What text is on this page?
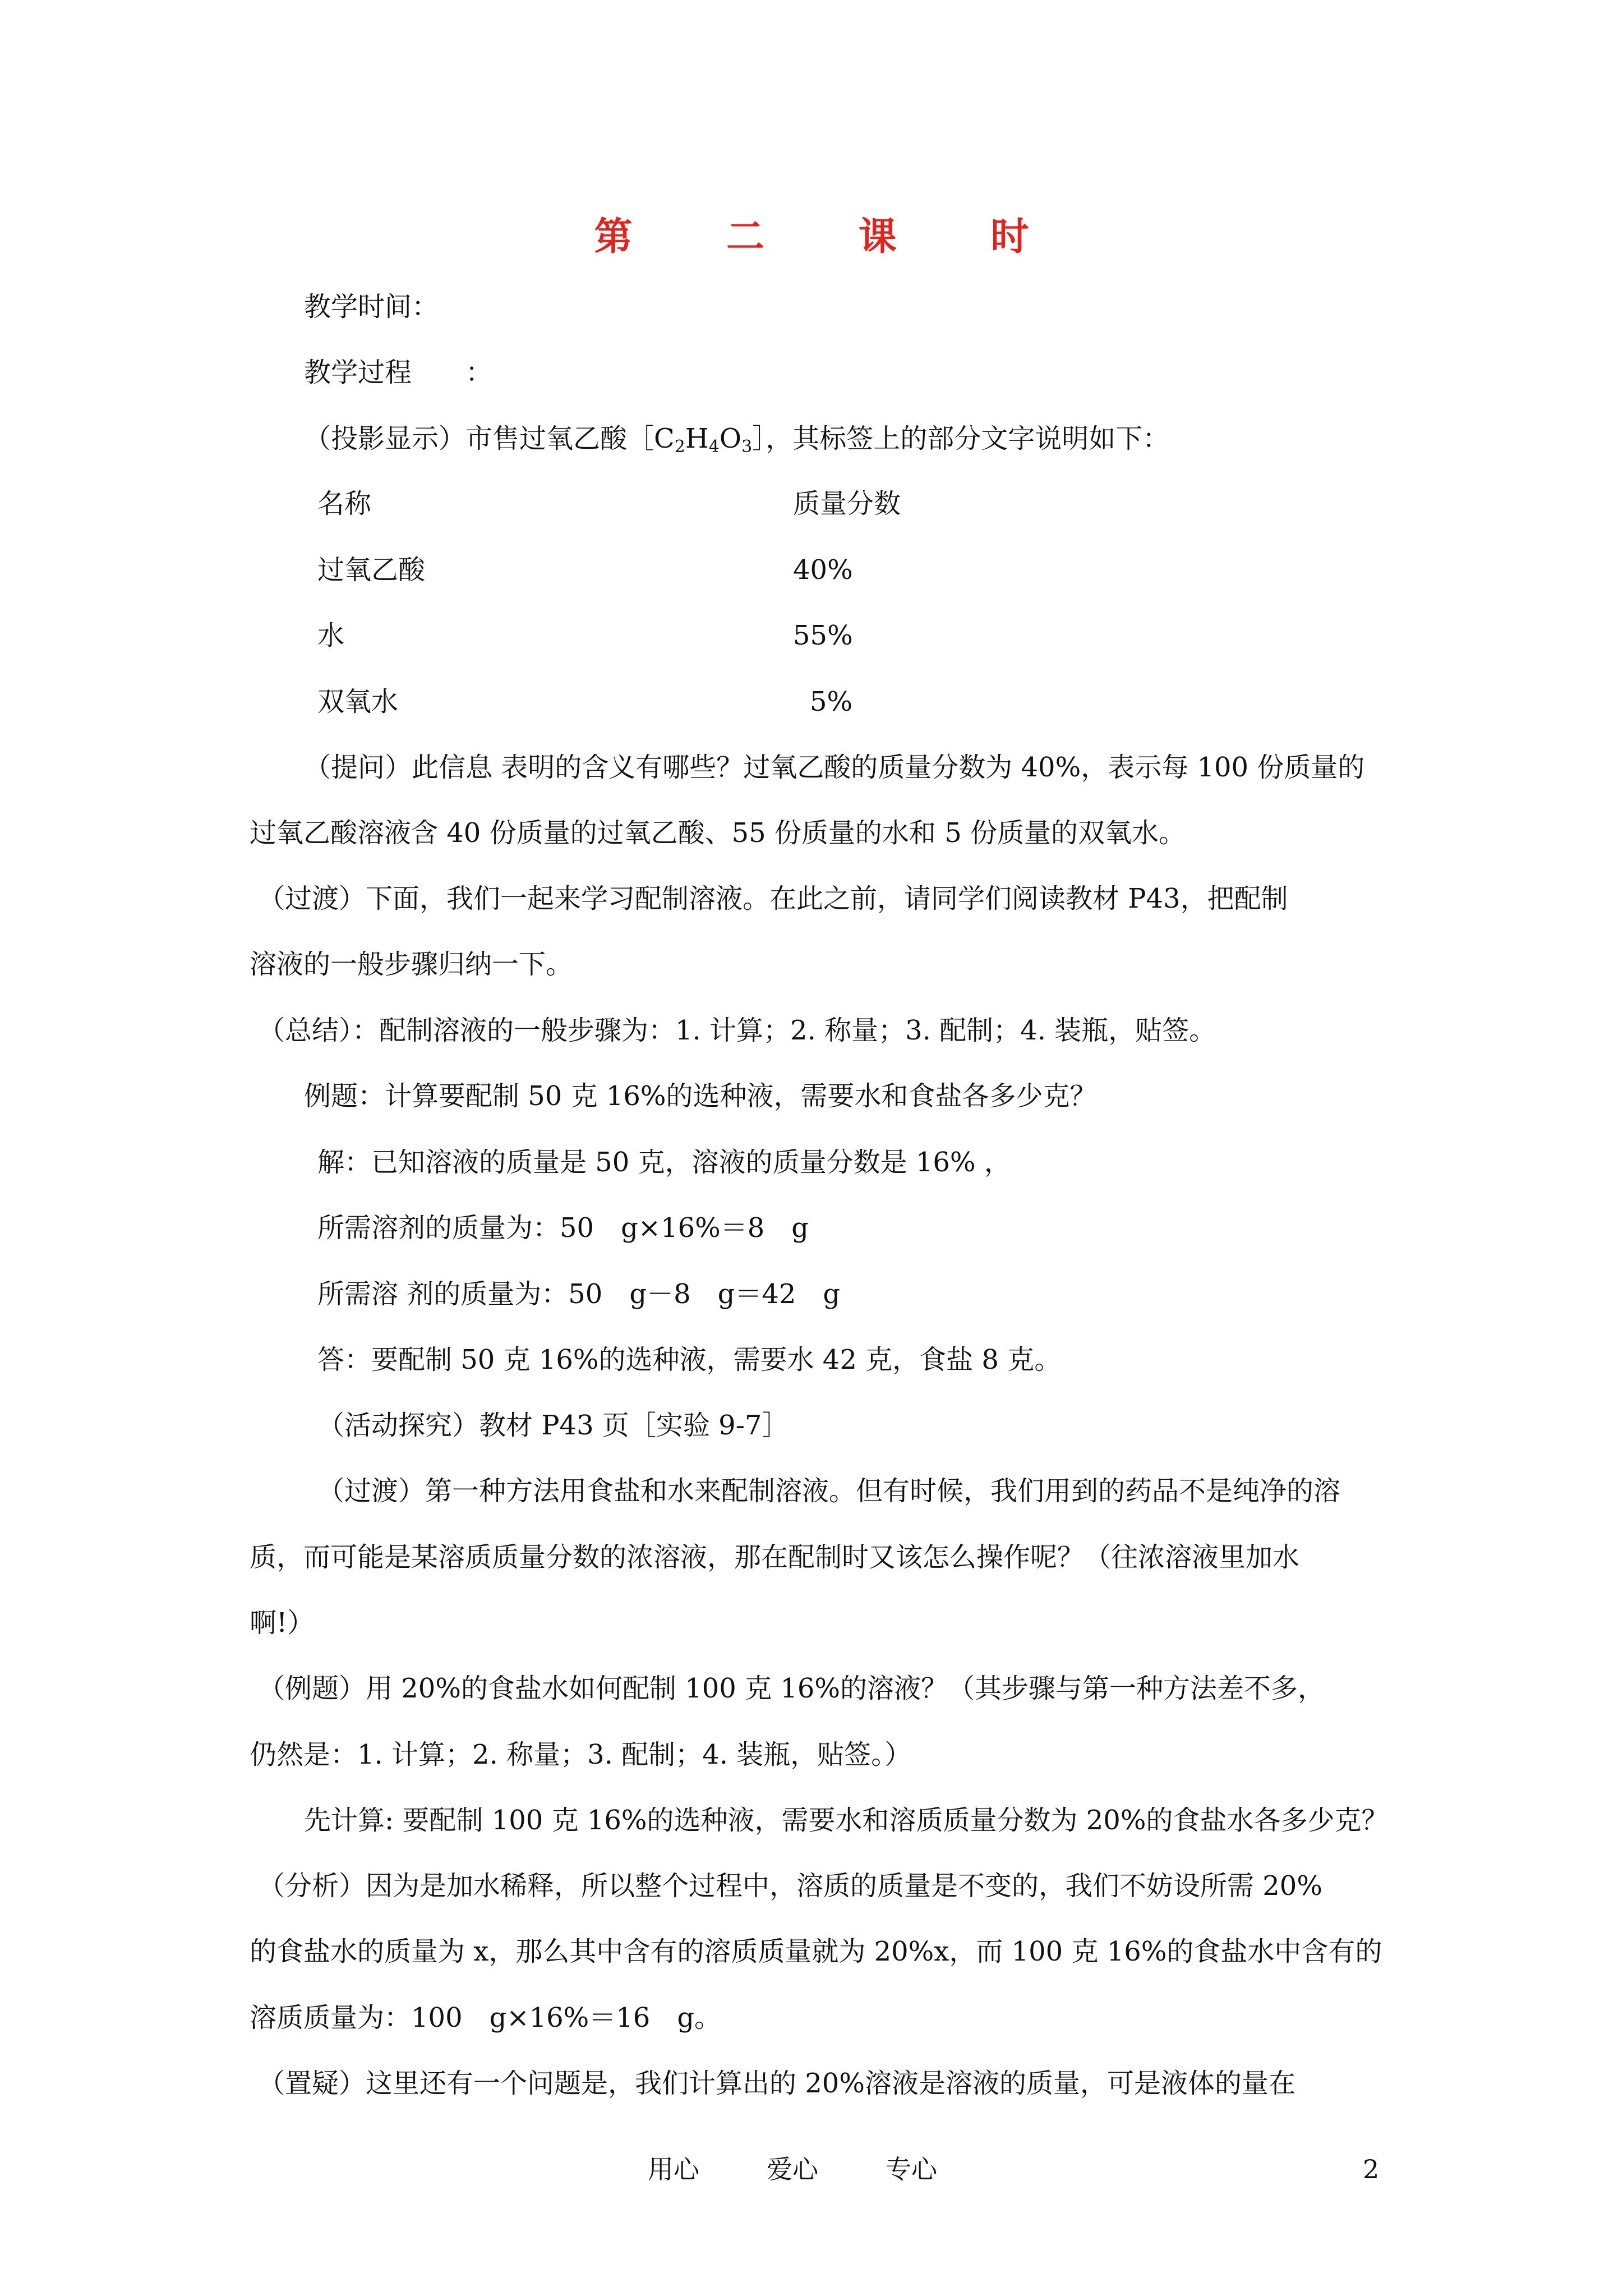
第 二 课 时
教学时间：
教学过程　　：
（投影显示）市售过氧乙酸$[C_2H_4O_3]$，其标签上的部分文字说明如下：
名称	质量分数
过氧乙酸	40%
水	55%
双氧水	5%
（提问）此信息 表明的含义有哪些？过氧乙酸的质量分数为 40%，表示每 100 份质量的
过氧乙酸溶液含 40 份质量的过氧乙酸、55 份质量的水和 5 份质量的双氧水。
（过渡）下面，我们一起来学习配制溶液。在此之前，请同学们阅读教材 P43，把配制
溶液的一般步骤归纳一下。
（总结）：配制溶液的一般步骤为：1. 计算；2. 称量；3. 配制；4. 装瓶，贴签。
例题：计算要配制 50 克 16%的选种液，需要水和食盐各多少克？
解：已知溶液的质量是 50 克，溶液的质量分数是 16% ，
所需溶剂的质量为：50　g×16%＝8　g
所需溶 剂的质量为：50　g－8　g＝42　g
答：要配制 50 克 16%的选种液，需要水 42 克，食盐 8 克。
（活动探究）教材 P43 页［实验 9-7］
（过渡）第一种方法用食盐和水来配制溶液。但有时候，我们用到的药品不是纯净的溶
质，而可能是某溶质质量分数的浓溶液，那在配制时又该怎么操作呢？（往浓溶液里加水
啊!）
（例题）用 20%的食盐水如何配制 100 克 16%的溶液？（其步骤与第一种方法差不多，
仍然是：1. 计算；2. 称量；3. 配制；4. 装瓶，贴签。）
先计算: 要配制 100 克 16%的选种液，需要水和溶质质量分数为 20%的食盐水各多少克？
（分析）因为是加水稀释，所以整个过程中，溶质的质量是不变的，我们不妨设所需 20%
的食盐水的质量为 x，那么其中含有的溶质质量就为 20%x，而 100 克 16%的食盐水中含有的
溶质质量为：100　g×16%＝16　g。
（置疑）这里还有一个问题是，我们计算出的 20%溶液是溶液的质量，可是液体的量在
用心	爱心	专心	2
